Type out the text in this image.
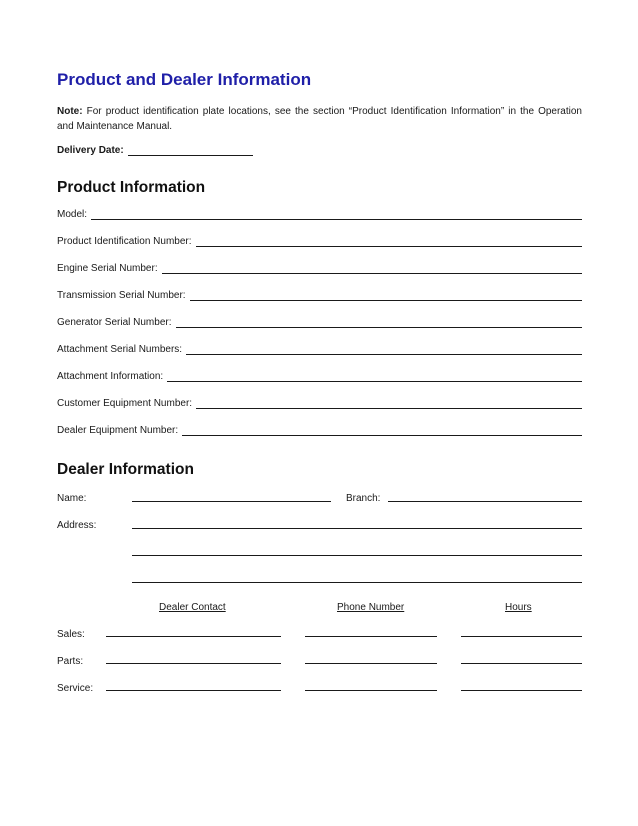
Product and Dealer Information
Note: For product identification plate locations, see the section “Product Identification Information” in the Operation and Maintenance Manual.
Delivery Date:
Product Information
Model:
Product Identification Number:
Engine Serial Number:
Transmission Serial Number:
Generator Serial Number:
Attachment Serial Numbers:
Attachment Information:
Customer Equipment Number:
Dealer Equipment Number:
Dealer Information
Name:	Branch:
Address:
Dealer Contact	Phone Number	Hours
Sales:
Parts:
Service:
